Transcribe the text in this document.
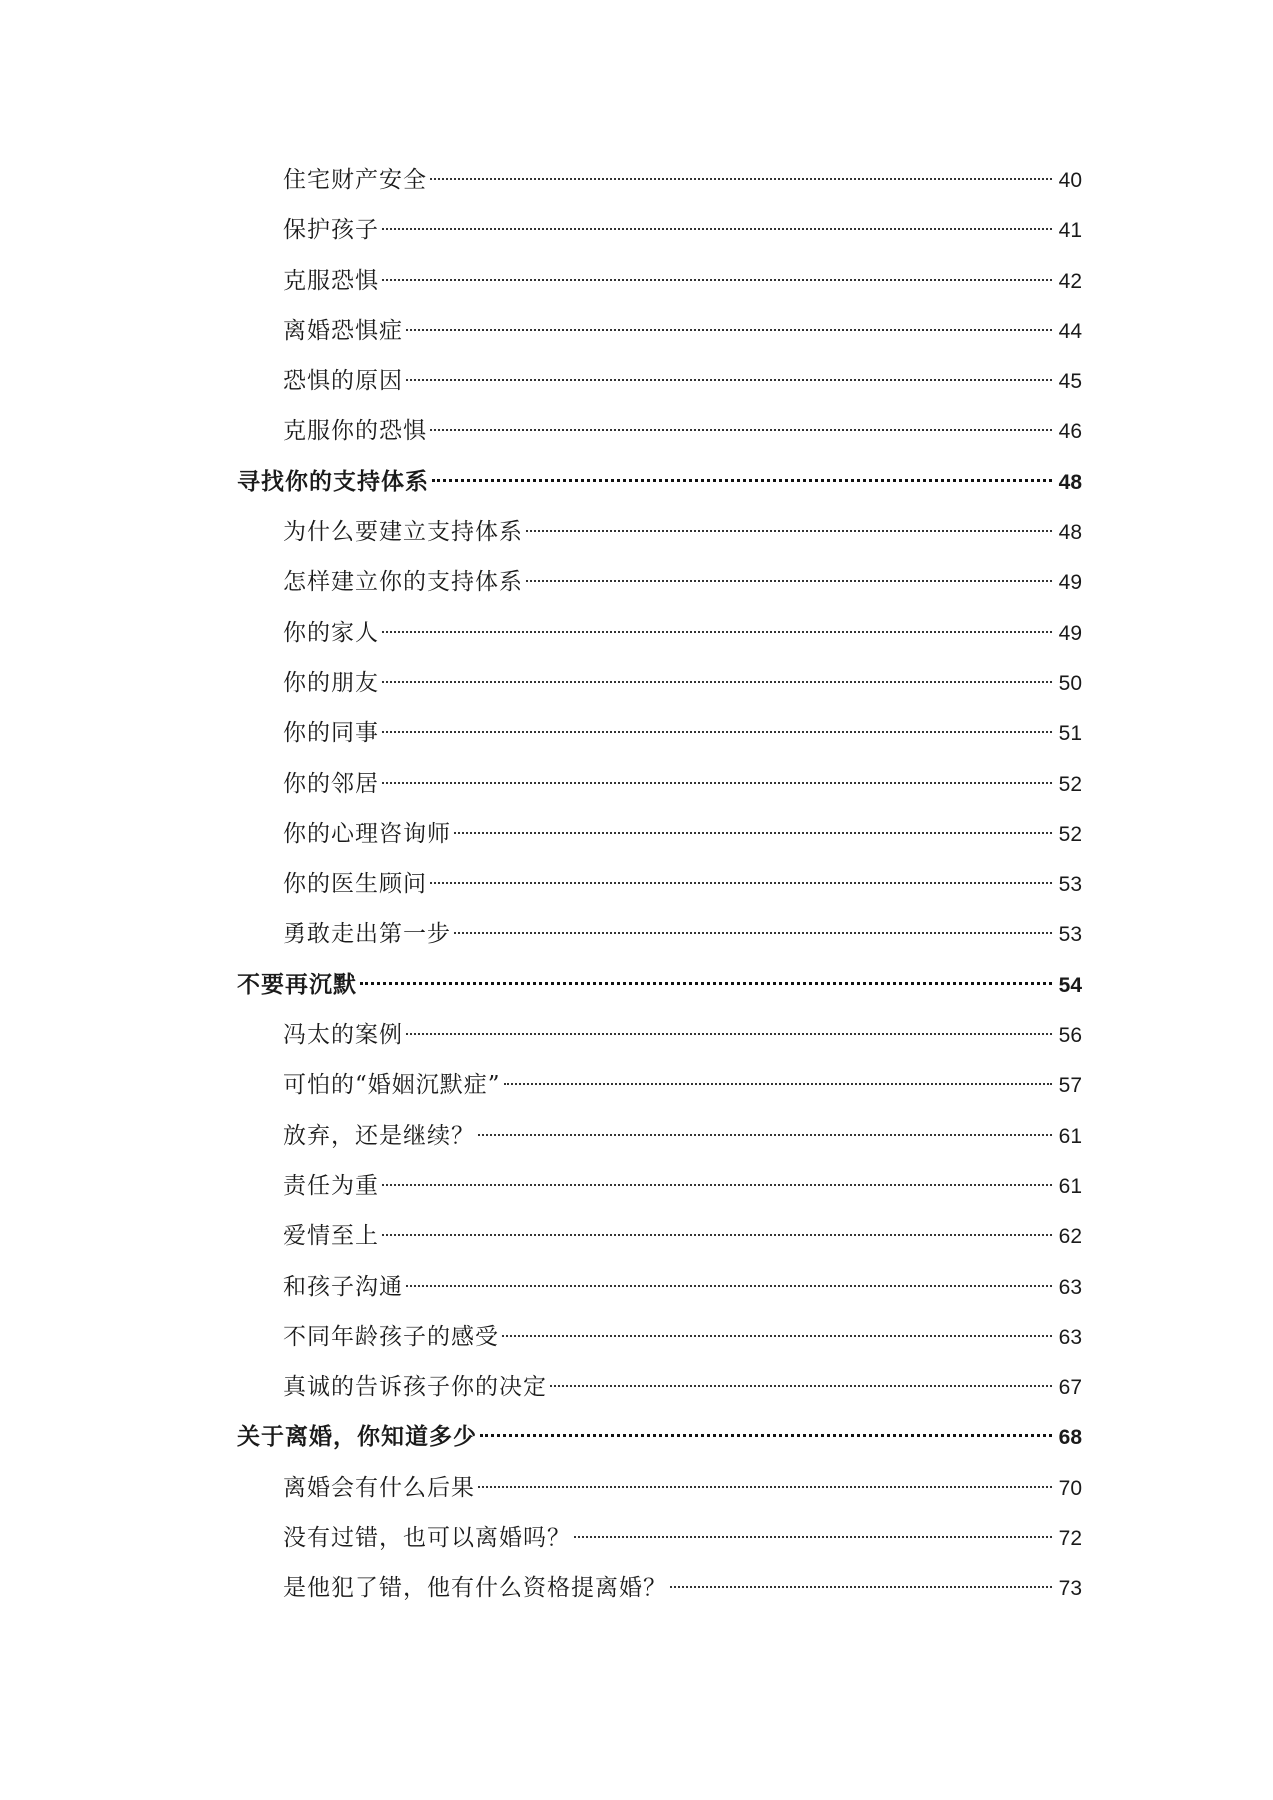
住宅财产安全	40
保护孩子	41
克服恐惧	42
离婚恐惧症	44
恐惧的原因	45
克服你的恐惧	46
寻找你的支持体系	48
为什么要建立支持体系	48
怎样建立你的支持体系	49
你的家人	49
你的朋友	50
你的同事	51
你的邻居	52
你的心理咨询师	52
你的医生顾问	53
勇敢走出第一步	53
不要再沉默	54
冯太的案例	56
可怕的“婚姻沉默症”	57
放弃，还是继续？	61
责任为重	61
爱情至上	62
和孩子沟通	63
不同年龄孩子的感受	63
真诚的告诉孩子你的决定	67
关于离婚，你知道多少	68
离婚会有什么后果	70
没有过错，也可以离婚吗？	72
是他犯了错，他有什么资格提离婚？	73
